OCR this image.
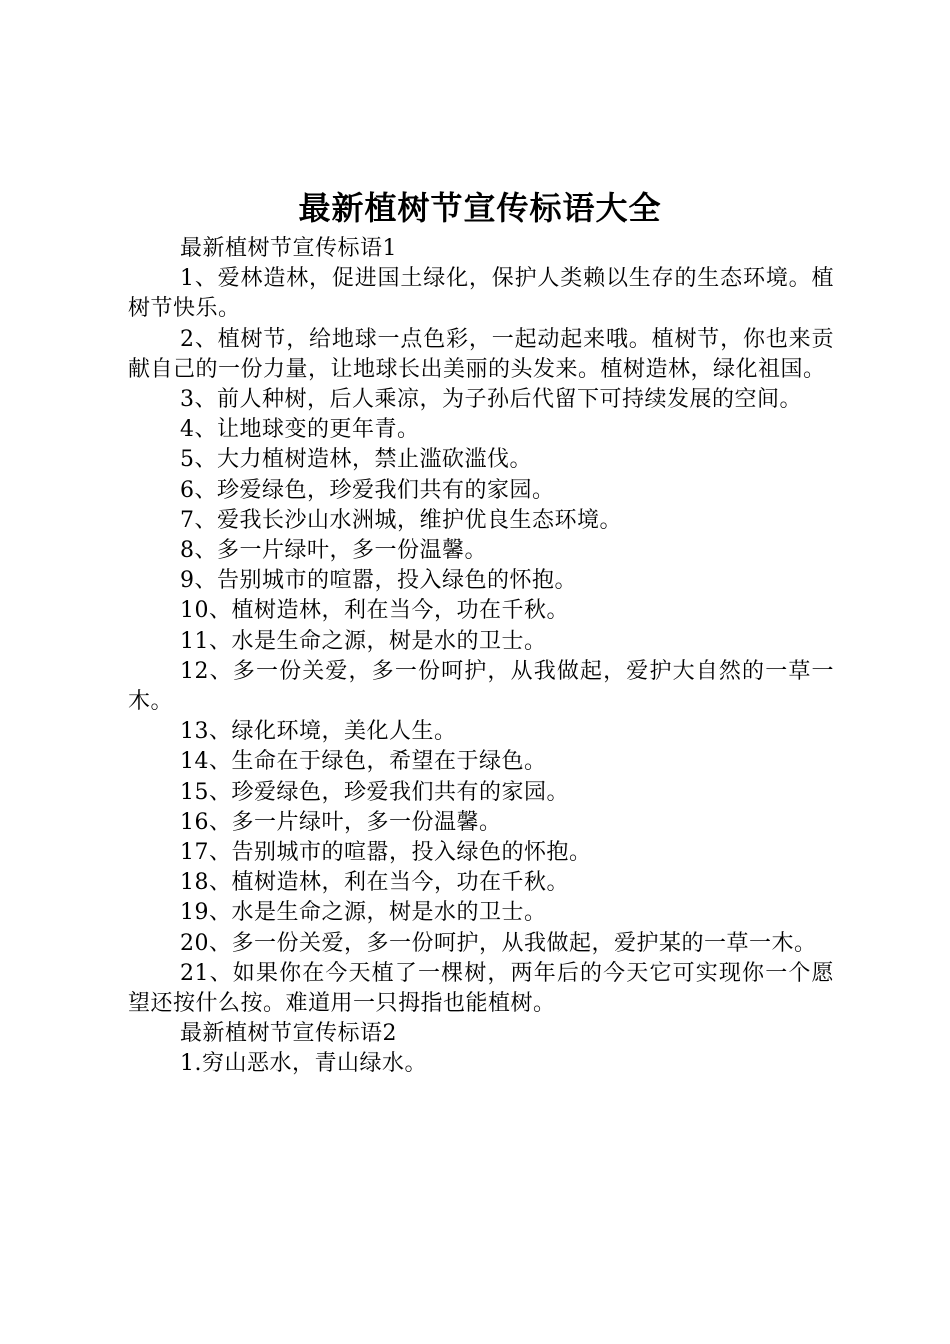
最新植树节宣传标语大全

最新植树节宣传标语1

1、爱林造林，促进国土绿化，保护人类赖以生存的生态环境。植树节快乐。

2、植树节，给地球一点色彩，一起动起来哦。植树节，你也来贡献自己的一份力量，让地球长出美丽的头发来。植树造林，绿化祖国。

3、前人种树，后人乘凉，为子孙后代留下可持续发展的空间。

4、让地球变的更年青。

5、大力植树造林，禁止滥砍滥伐。

6、珍爱绿色，珍爱我们共有的家园。

7、爱我长沙山水洲城，维护优良生态环境。

8、多一片绿叶，多一份温馨。

9、告别城市的喧嚣，投入绿色的怀抱。

10、植树造林，利在当今，功在千秋。

11、水是生命之源，树是水的卫士。

12、多一份关爱，多一份呵护，从我做起，爱护大自然的一草一木。

13、绿化环境，美化人生。

14、生命在于绿色，希望在于绿色。

15、珍爱绿色，珍爱我们共有的家园。

16、多一片绿叶，多一份温馨。

17、告别城市的喧嚣，投入绿色的怀抱。

18、植树造林，利在当今，功在千秋。

19、水是生命之源，树是水的卫士。

20、多一份关爱，多一份呵护，从我做起，爱护某的一草一木。

21、如果你在今天植了一棵树，两年后的今天它可实现你一个愿望还按什么按。难道用一只拇指也能植树。

最新植树节宣传标语2

1.穷山恶水，青山绿水。
